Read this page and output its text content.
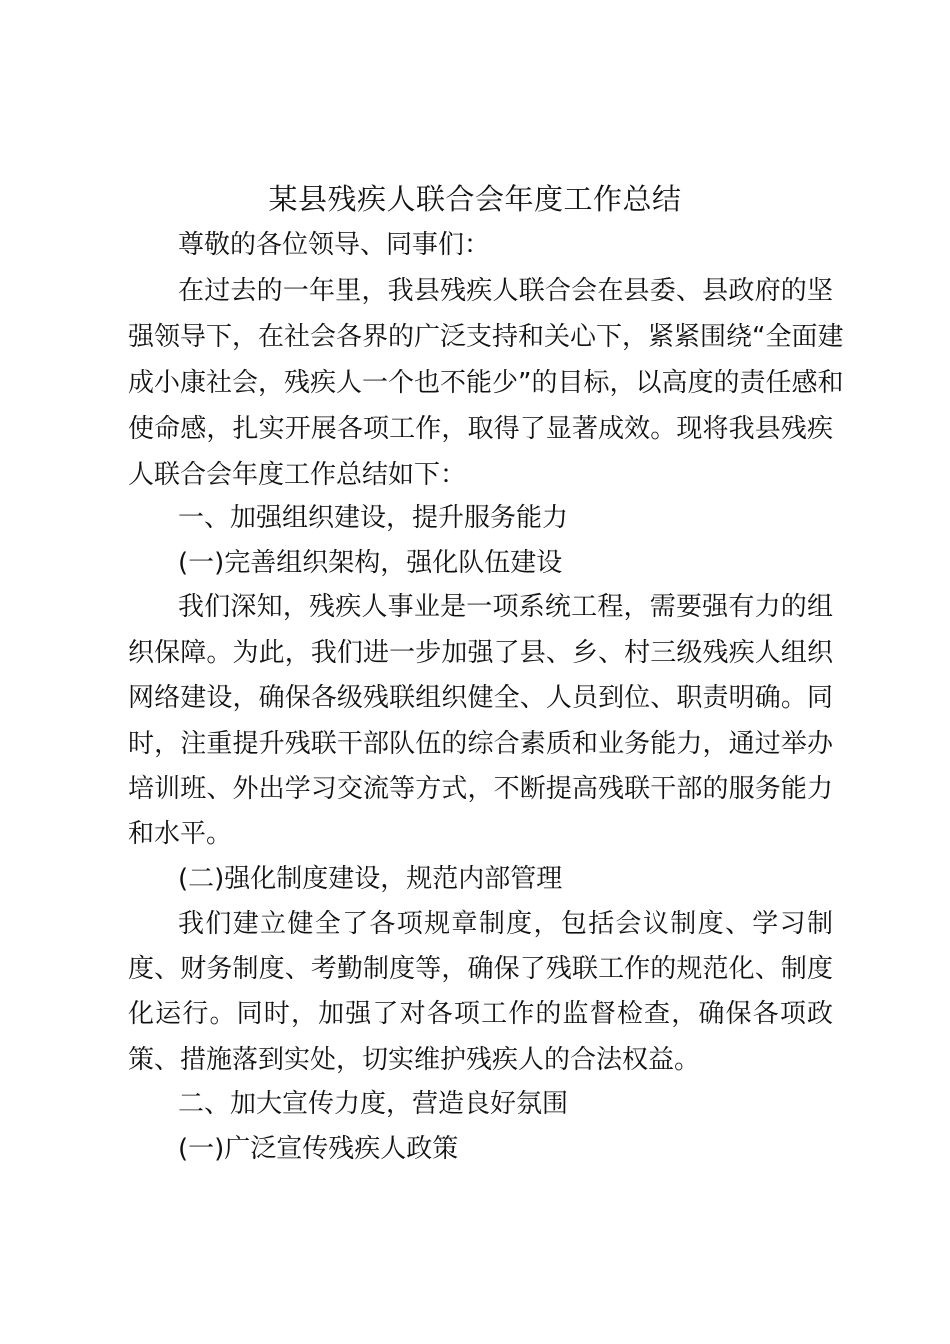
某县残疾人联合会年度工作总结
尊敬的各位领导、同事们：
在过去的一年里，我县残疾人联合会在县委、县政府的坚
强领导下，在社会各界的广泛支持和关心下，紧紧围绕“全面建
成小康社会，残疾人一个也不能少”的目标，以高度的责任感和
使命感，扎实开展各项工作，取得了显著成效。现将我县残疾
人联合会年度工作总结如下：
一、加强组织建设，提升服务能力
(一)完善组织架构，强化队伍建设
我们深知，残疾人事业是一项系统工程，需要强有力的组
织保障。为此，我们进一步加强了县、乡、村三级残疾人组织
网络建设，确保各级残联组织健全、人员到位、职责明确。同
时，注重提升残联干部队伍的综合素质和业务能力，通过举办
培训班、外出学习交流等方式，不断提高残联干部的服务能力
和水平。
(二)强化制度建设，规范内部管理
我们建立健全了各项规章制度，包括会议制度、学习制
度、财务制度、考勤制度等，确保了残联工作的规范化、制度
化运行。同时，加强了对各项工作的监督检查，确保各项政
策、措施落到实处，切实维护残疾人的合法权益。
二、加大宣传力度，营造良好氛围
(一)广泛宣传残疾人政策
